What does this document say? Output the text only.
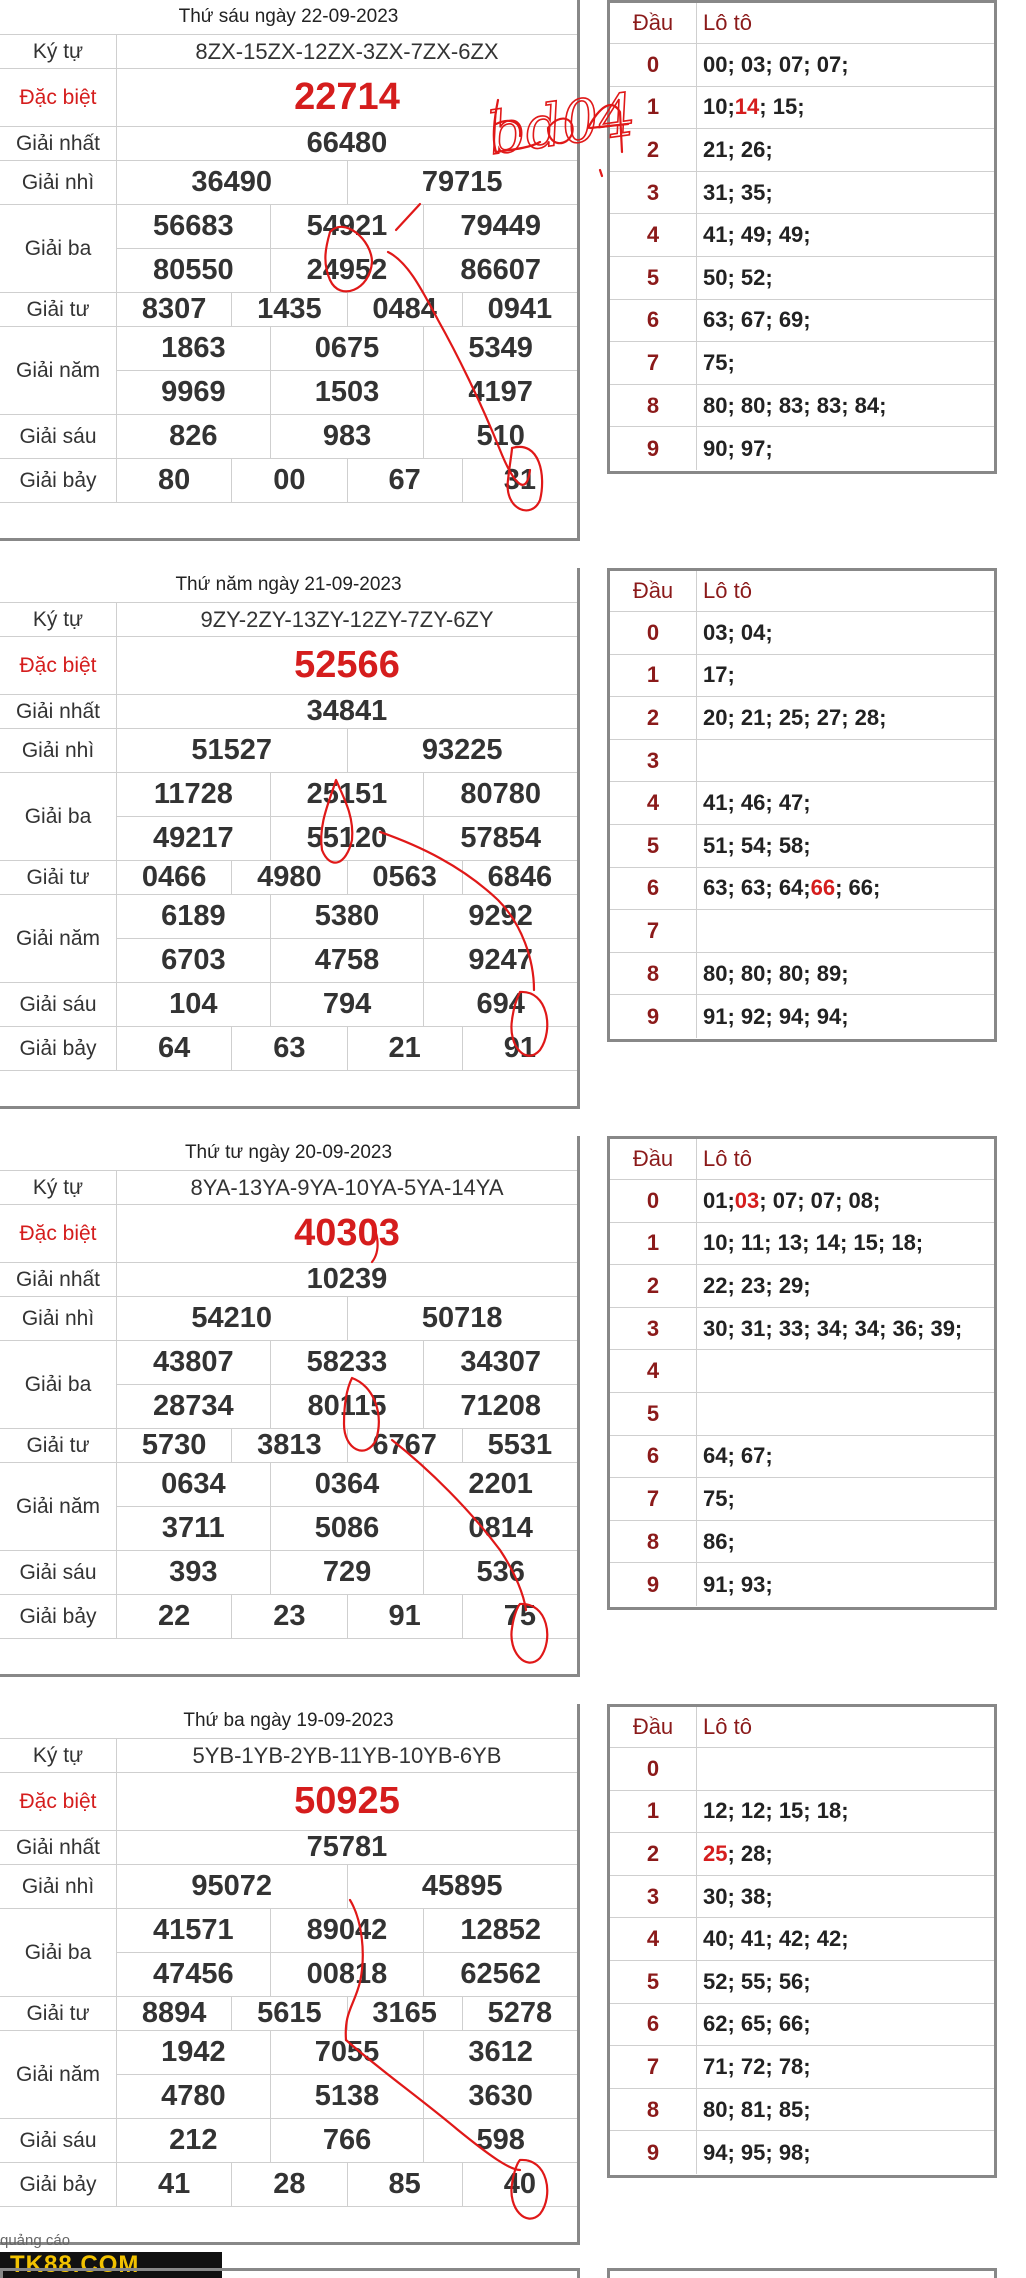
Thứ sáu ngày 22-09-2023
Ký tự	8ZX-15ZX-12ZX-3ZX-7ZX-6ZX
Đặc biệt	22714
Giải nhất	66480
Giải nhì	36490	79715
Giải ba
56683	54921	79449
80550	24952	86607
Giải tư	8307	1435	0484	0941
Giải năm
1863	0675	5349
9969	1503	4197
Giải sáu	826	983	510
Giải bảy	80	00	67	31
Đầu	Lô tô
0	00; 03; 07; 07;
1	10; 14 ; 15;
2	21; 26;
3	31; 35;
4	41; 49; 49;
5	50; 52;
6	63; 67; 69;
7	75;
8	80; 80; 83; 83; 84;
9	90; 97;
Thứ năm ngày 21-09-2023
Ký tự	9ZY-2ZY-13ZY-12ZY-7ZY-6ZY
Đặc biệt	52566
Giải nhất	34841
Giải nhì	51527	93225
Giải ba
11728	25151	80780
49217	55120	57854
Giải tư	0466	4980	0563	6846
Giải năm
6189	5380	9292
6703	4758	9247
Giải sáu	104	794	694
Giải bảy	64	63	21	91
Đầu	Lô tô
0	03; 04;
1	17;
2	20; 21; 25; 27; 28;
3
4	41; 46; 47;
5	51; 54; 58;
6	63; 63; 64; 66 ; 66;
7
8	80; 80; 80; 89;
9	91; 92; 94; 94;
Thứ tư ngày 20-09-2023
Ký tự	8YA-13YA-9YA-10YA-5YA-14YA
Đặc biệt	40303
Giải nhất	10239
Giải nhì	54210	50718
Giải ba
43807	58233	34307
28734	80115	71208
Giải tư	5730	3813	6767	5531
Giải năm
0634	0364	2201
3711	5086	0814
Giải sáu	393	729	536
Giải bảy	22	23	91	75
Đầu	Lô tô
0	01; 03 ; 07; 07; 08;
1	10; 11; 13; 14; 15; 18;
2	22; 23; 29;
3	30; 31; 33; 34; 34; 36; 39;
4
5
6	64; 67;
7	75;
8	86;
9	91; 93;
Thứ ba ngày 19-09-2023
Ký tự	5YB-1YB-2YB-11YB-10YB-6YB
Đặc biệt	50925
Giải nhất	75781
Giải nhì	95072	45895
Giải ba
41571	89042	12852
47456	00818	62562
Giải tư	8894	5615	3165	5278
Giải năm
1942	7055	3612
4780	5138	3630
Giải sáu	212	766	598
Giải bảy	41	28	85	40
Đầu	Lô tô
0
1	12; 12; 15; 18;
2	25 ; 28;
3	30; 38;
4	40; 41; 42; 42;
5	52; 55; 56;
6	62; 65; 66;
7	71; 72; 78;
8	80; 81; 85;
9	94; 95; 98;
bd04
quảng cáo
TK88.COM
